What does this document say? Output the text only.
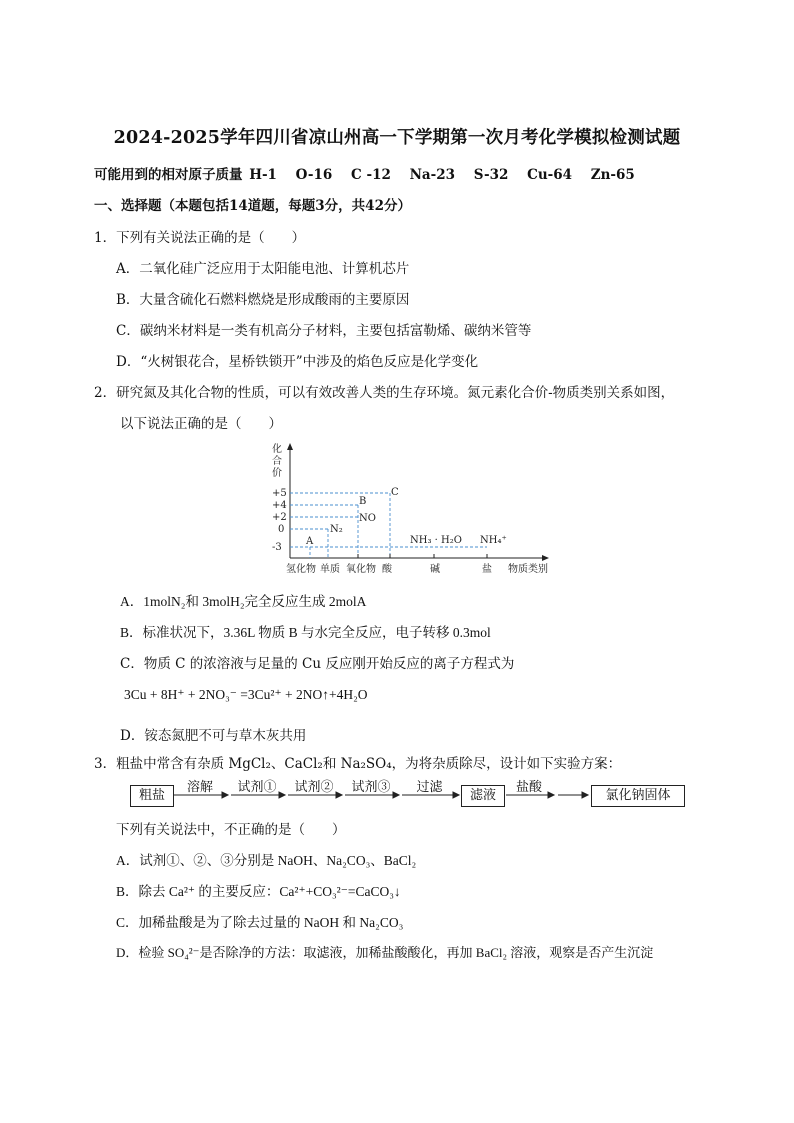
2024-2025学年四川省凉山州高一下学期第一次月考化学模拟检测试题
可能用到的相对原子质量 H-1 O-16 C -12 Na-23 S-32 Cu-64 Zn-65
一、选择题（本题包括14道题，每题3分，共42分）
1．下列有关说法正确的是（　　）
A．二氧化硅广泛应用于太阳能电池、计算机芯片
B．大量含硫化石燃料燃烧是形成酸雨的主要原因
C．碳纳米材料是一类有机高分子材料，主要包括富勒烯、碳纳米管等
D．“火树银花合，星桥铁锁开”中涉及的焰色反应是化学变化
2．研究氮及其化合物的性质，可以有效改善人类的生存环境。氮元素化合价-物质类别关系如图，
以下说法正确的是（　　）
化
合
价
+5
+4
+2
0
-3
A
N₂
B
NO
C
NH₃ · H₂O NH₄⁺
氢化物 单质 氧化物 酸	碱	盐 物质类别
A．1molN₂和 3molH₂完全反应生成 2molA
B．标准状况下，3.36L 物质 B 与水完全反应，电子转移 0.3mol
C．物质 C 的浓溶液与足量的 Cu 反应刚开始反应的离子方程式为
3Cu + 8H⁺ + 2NO₃⁻ =3Cu²⁺ + 2NO↑+4H₂O
D．铵态氮肥不可与草木灰共用
3．粗盐中常含有杂质 MgCl₂、CaCl₂和 Na₂SO₄，为将杂质除尽，设计如下实验方案：
粗盐	滤液	氯化钠固体
溶解	试剂①	试剂②	试剂③	过滤	盐酸
下列有关说法中，不正确的是（　　）
A．试剂①、②、③分别是 NaOH、Na₂CO₃、BaCl₂
B．除去 Ca²⁺ 的主要反应：Ca²⁺+CO₃²⁻=CaCO₃↓
C．加稀盐酸是为了除去过量的 NaOH 和 Na₂CO₃
D．检验 SO₄²⁻是否除净的方法：取滤液，加稀盐酸酸化，再加 BaCl₂ 溶液，观察是否产生沉淀
